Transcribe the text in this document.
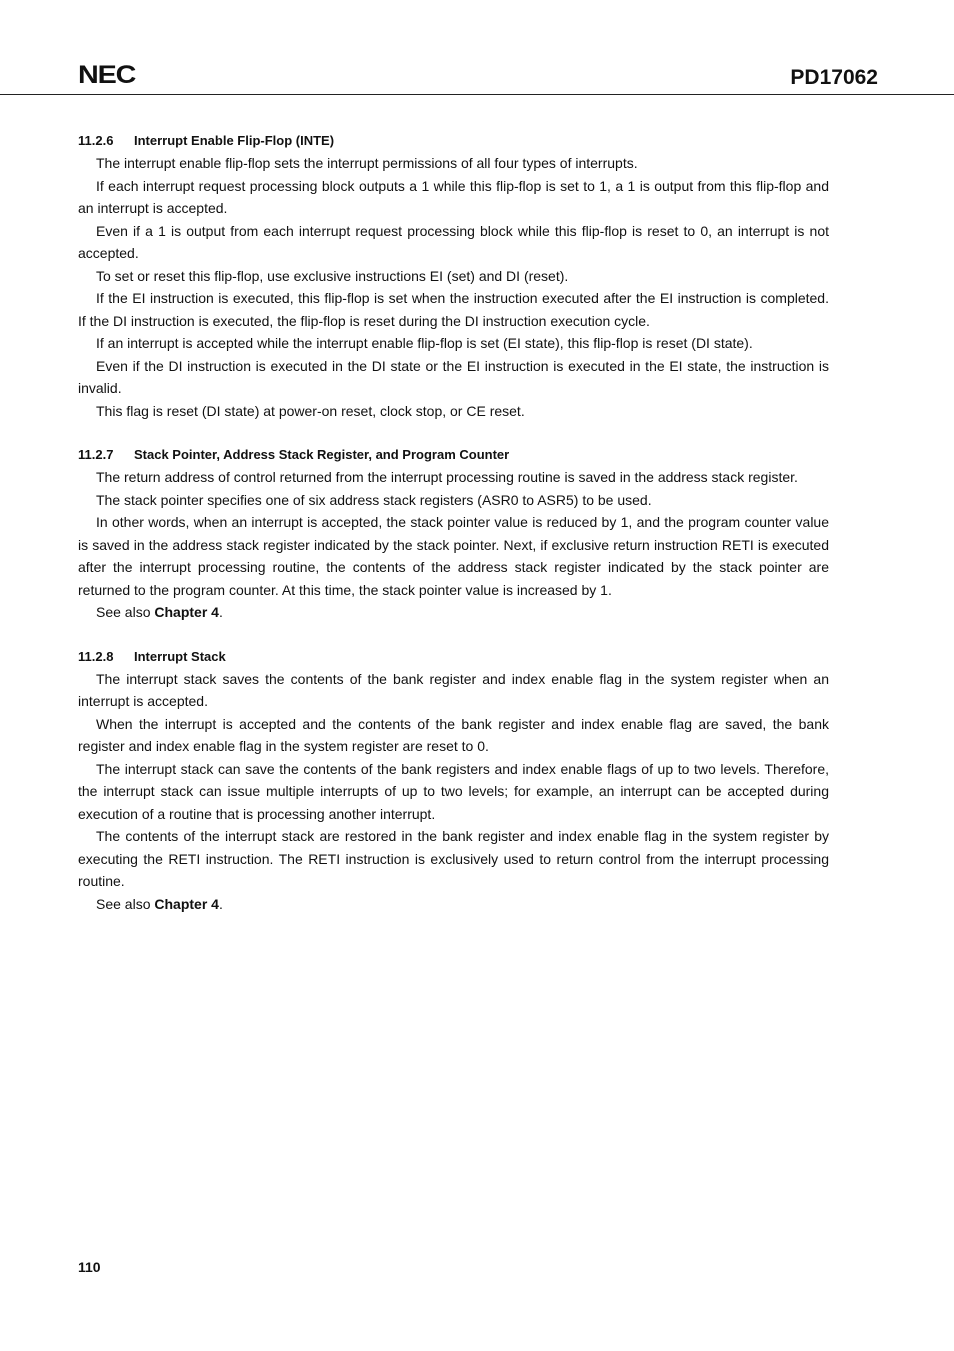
NEC	PD17062
11.2.6 Interrupt Enable Flip-Flop (INTE)

The interrupt enable flip-flop sets the interrupt permissions of all four types of interrupts.

If each interrupt request processing block outputs a 1 while this flip-flop is set to 1, a 1 is output from this flip-flop and an interrupt is accepted.

Even if a 1 is output from each interrupt request processing block while this flip-flop is reset to 0, an interrupt is not accepted.

To set or reset this flip-flop, use exclusive instructions EI (set) and DI (reset).

If the EI instruction is executed, this flip-flop is set when the instruction executed after the EI instruction is completed. If the DI instruction is executed, the flip-flop is reset during the DI instruction execution cycle.

If an interrupt is accepted while the interrupt enable flip-flop is set (EI state), this flip-flop is reset (DI state).

Even if the DI instruction is executed in the DI state or the EI instruction is executed in the EI state, the instruction is invalid.

This flag is reset (DI state) at power-on reset, clock stop, or CE reset.

11.2.7 Stack Pointer, Address Stack Register, and Program Counter

The return address of control returned from the interrupt processing routine is saved in the address stack register.

The stack pointer specifies one of six address stack registers (ASR0 to ASR5) to be used.

In other words, when an interrupt is accepted, the stack pointer value is reduced by 1, and the program counter value is saved in the address stack register indicated by the stack pointer. Next, if exclusive return instruction RETI is executed after the interrupt processing routine, the contents of the address stack register indicated by the stack pointer are returned to the program counter. At this time, the stack pointer value is increased by 1.

See also Chapter 4.

11.2.8 Interrupt Stack

The interrupt stack saves the contents of the bank register and index enable flag in the system register when an interrupt is accepted.

When the interrupt is accepted and the contents of the bank register and index enable flag are saved, the bank register and index enable flag in the system register are reset to 0.

The interrupt stack can save the contents of the bank registers and index enable flags of up to two levels. Therefore, the interrupt stack can issue multiple interrupts of up to two levels; for example, an interrupt can be accepted during execution of a routine that is processing another interrupt.

The contents of the interrupt stack are restored in the bank register and index enable flag in the system register by executing the RETI instruction. The RETI instruction is exclusively used to return control from the interrupt processing routine.

See also Chapter 4.

110
